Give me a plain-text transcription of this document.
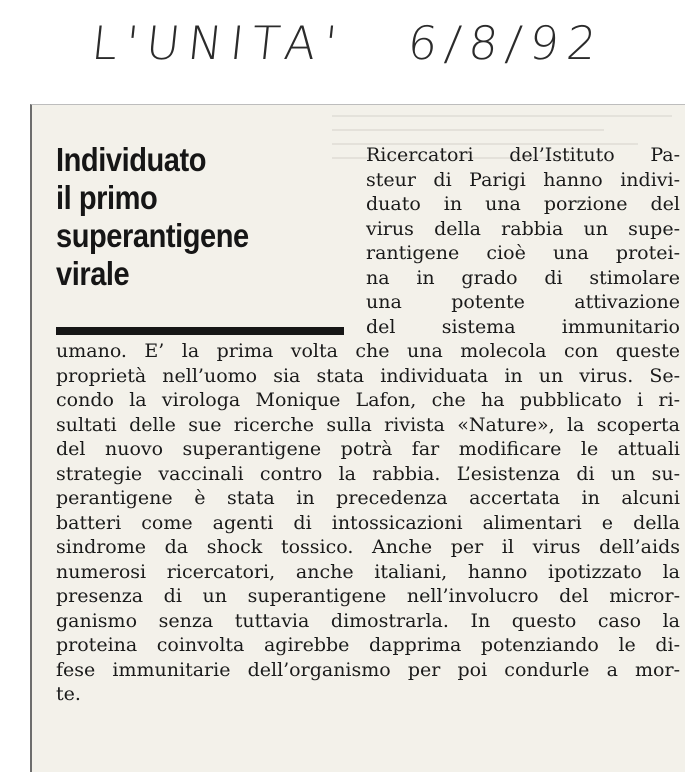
L'UNITA' 6/8/92
Individuato
il primo
superantigene
virale
Ricercatori del’Istituto Pa-
steur di Parigi hanno indivi-
duato in una porzione del
virus della rabbia un supe-
rantigene cioè una protei-
na in grado di stimolare
una potente attivazione
del sistema immunitario
umano. E’ la prima volta che una molecola con queste
proprietà nell’uomo sia stata individuata in un virus. Se-
condo la virologa Monique Lafon, che ha pubblicato i ri-
sultati delle sue ricerche sulla rivista «Nature», la scoperta
del nuovo superantigene potrà far modificare le attuali
strategie vaccinali contro la rabbia. L’esistenza di un su-
perantigene è stata in precedenza accertata in alcuni
batteri come agenti di intossicazioni alimentari e della
sindrome da shock tossico. Anche per il virus dell’aids
numerosi ricercatori, anche italiani, hanno ipotizzato la
presenza di un superantigene nell’involucro del micror-
ganismo senza tuttavia dimostrarla. In questo caso la
proteina coinvolta agirebbe dapprima potenziando le di-
fese immunitarie dell’organismo per poi condurle a mor-
te.
